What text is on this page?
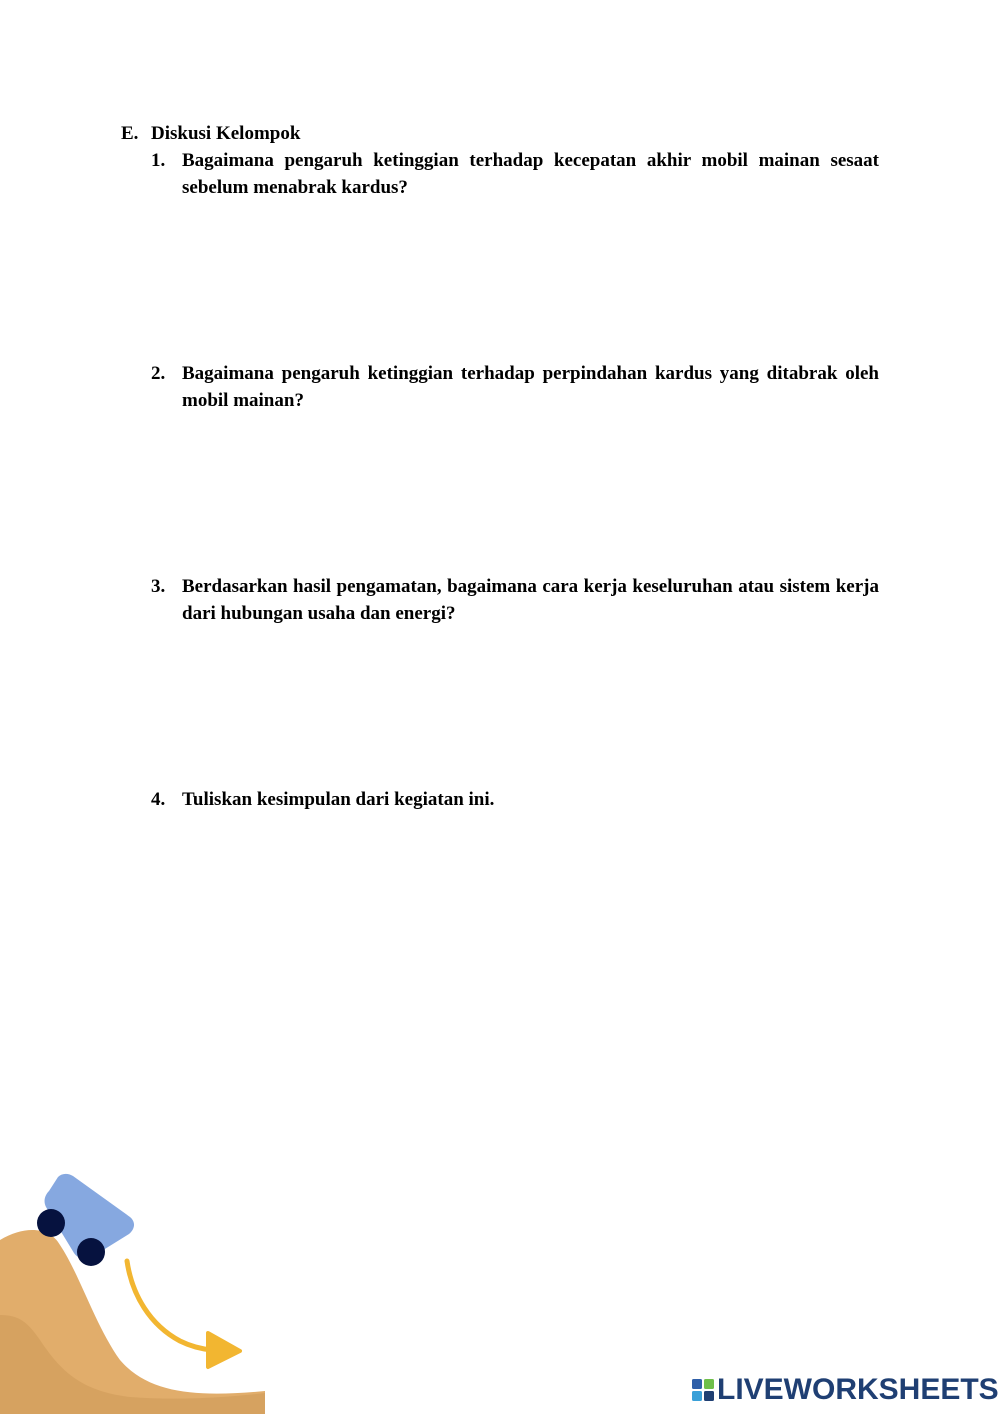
E. Diskusi Kelompok
1. Bagaimana pengaruh ketinggian terhadap kecepatan akhir mobil mainan sesaat sebelum menabrak kardus?
2. Bagaimana pengaruh ketinggian terhadap perpindahan kardus yang ditabrak oleh mobil mainan?
3. Berdasarkan hasil pengamatan, bagaimana cara kerja keseluruhan atau sistem kerja dari hubungan usaha dan energi?
4. Tuliskan kesimpulan dari kegiatan ini.
LIVEWORKSHEETS
